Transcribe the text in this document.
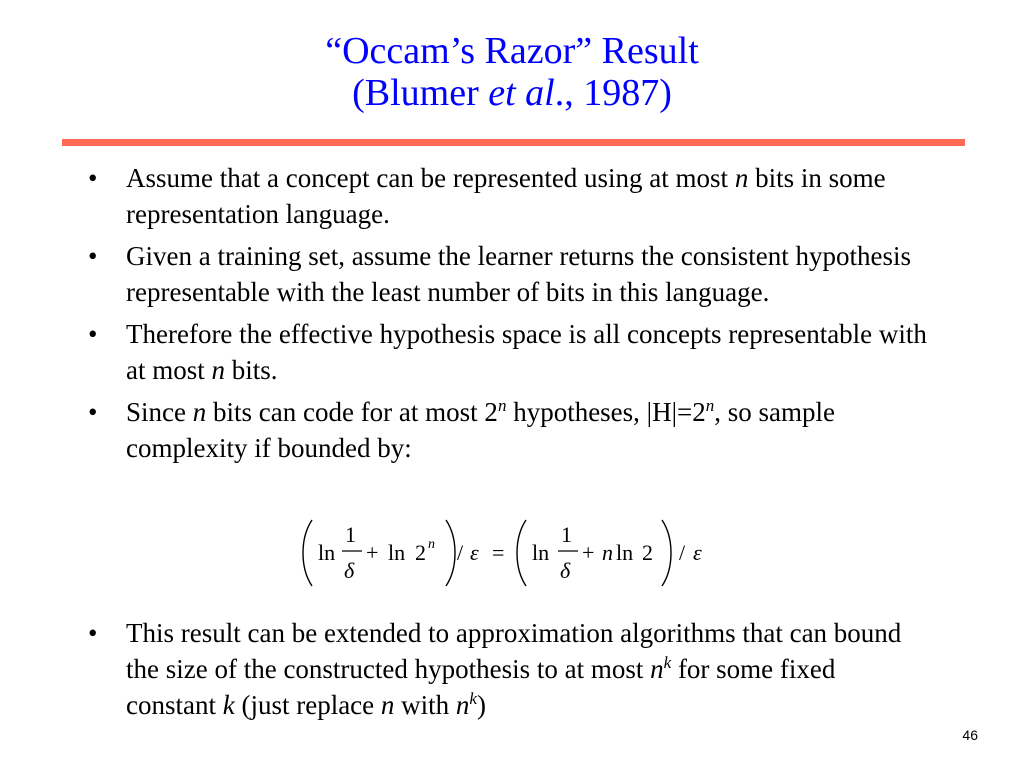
“Occam’s Razor” Result
(Blumer et al., 1987)
• Assume that a concept can be represented using at most n bits in some representation language.
• Given a training set, assume the learner returns the consistent hypothesis representable with the least number of bits in this language.
• Therefore the effective hypothesis space is all concepts representable with at most n bits.
• Since n bits can code for at most 2$^n$ hypotheses, $|H|=2^n$, so sample complexity if bounded by:
ln
1
δ
+ ln 2 n / ε = ln
1
δ
+ n ln 2 / ε
• This result can be extended to approximation algorithms that can bound the size of the constructed hypothesis to at most $n^k$ for some fixed constant k (just replace n with $n^k$)
46
